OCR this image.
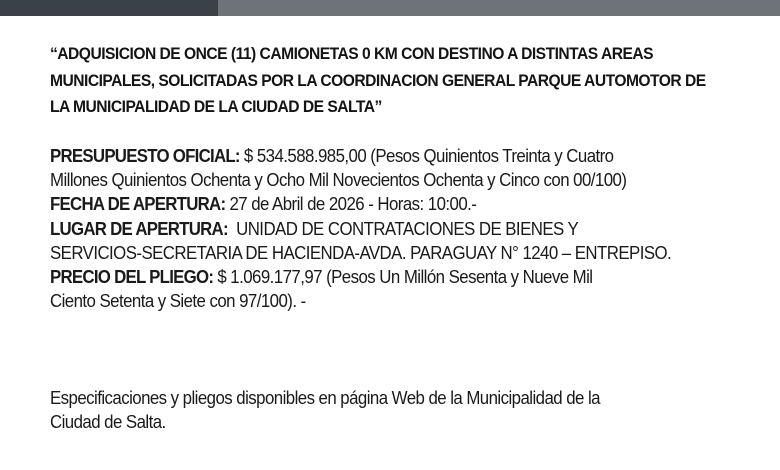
“ADQUISICION DE ONCE (11) CAMIONETAS 0 KM CON DESTINO A DISTINTAS AREAS
MUNICIPALES, SOLICITADAS POR LA COORDINACION GENERAL PARQUE AUTOMOTOR DE
LA MUNICIPALIDAD DE LA CIUDAD DE SALTA”
PRESUPUESTO OFICIAL: $ 534.588.985,00 (Pesos Quinientos Treinta y Cuatro
Millones Quinientos Ochenta y Ocho Mil Novecientos Ochenta y Cinco con 00/100)
FECHA DE APERTURA: 27 de Abril de 2026 - Horas: 10:00.-
LUGAR DE APERTURA:  UNIDAD DE CONTRATACIONES DE BIENES Y
SERVICIOS-SECRETARIA DE HACIENDA-AVDA. PARAGUAY N° 1240 – ENTREPISO.
PRECIO DEL PLIEGO: $ 1.069.177,97 (Pesos Un Millón Sesenta y Nueve Mil
Ciento Setenta y Siete con 97/100). -
Especificaciones y pliegos disponibles en página Web de la Municipalidad de la
Ciudad de Salta.
